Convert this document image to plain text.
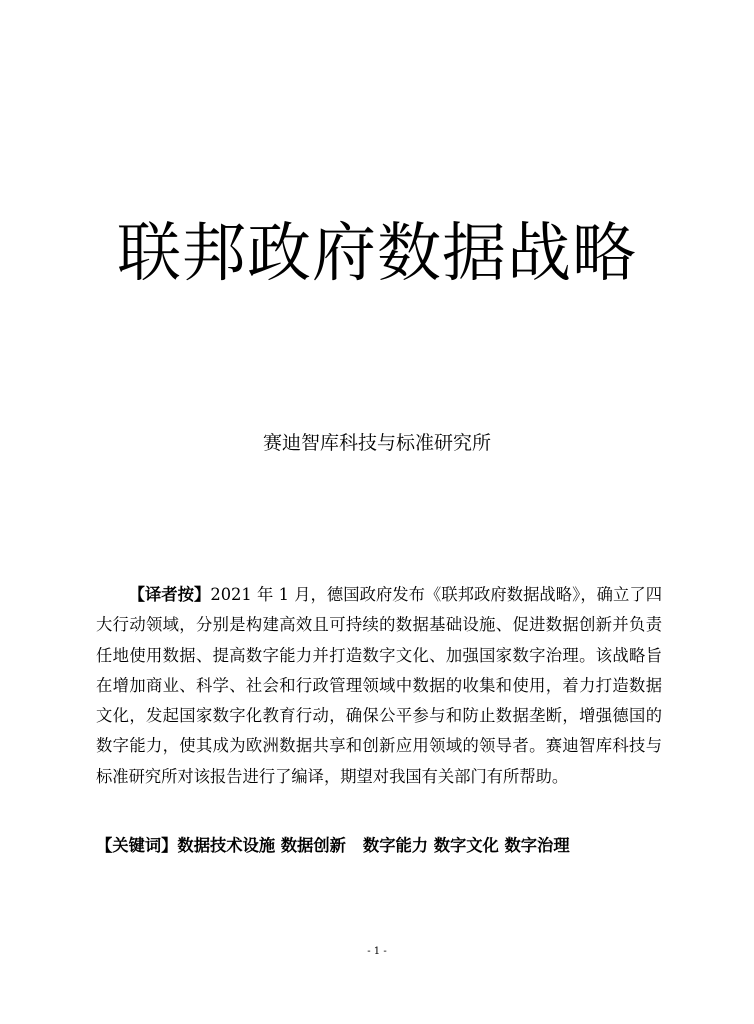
联邦政府数据战略
赛迪智库科技与标准研究所

【译者按】2021 年 1 月，德国政府发布《联邦政府数据战略》，确立了四大行动领域，分别是构建高效且可持续的数据基础设施、促进数据创新并负责任地使用数据、提高数字能力并打造数字文化、加强国家数字治理。该战略旨在增加商业、科学、社会和行政管理领域中数据的收集和使用，着力打造数据文化，发起国家数字化教育行动，确保公平参与和防止数据垄断，增强德国的数字能力，使其成为欧洲数据共享和创新应用领域的领导者。赛迪智库科技与标准研究所对该报告进行了编译，期望对我国有关部门有所帮助。

【关键词】数据技术设施 数据创新   数字能力 数字文化 数字治理

- 1 -
